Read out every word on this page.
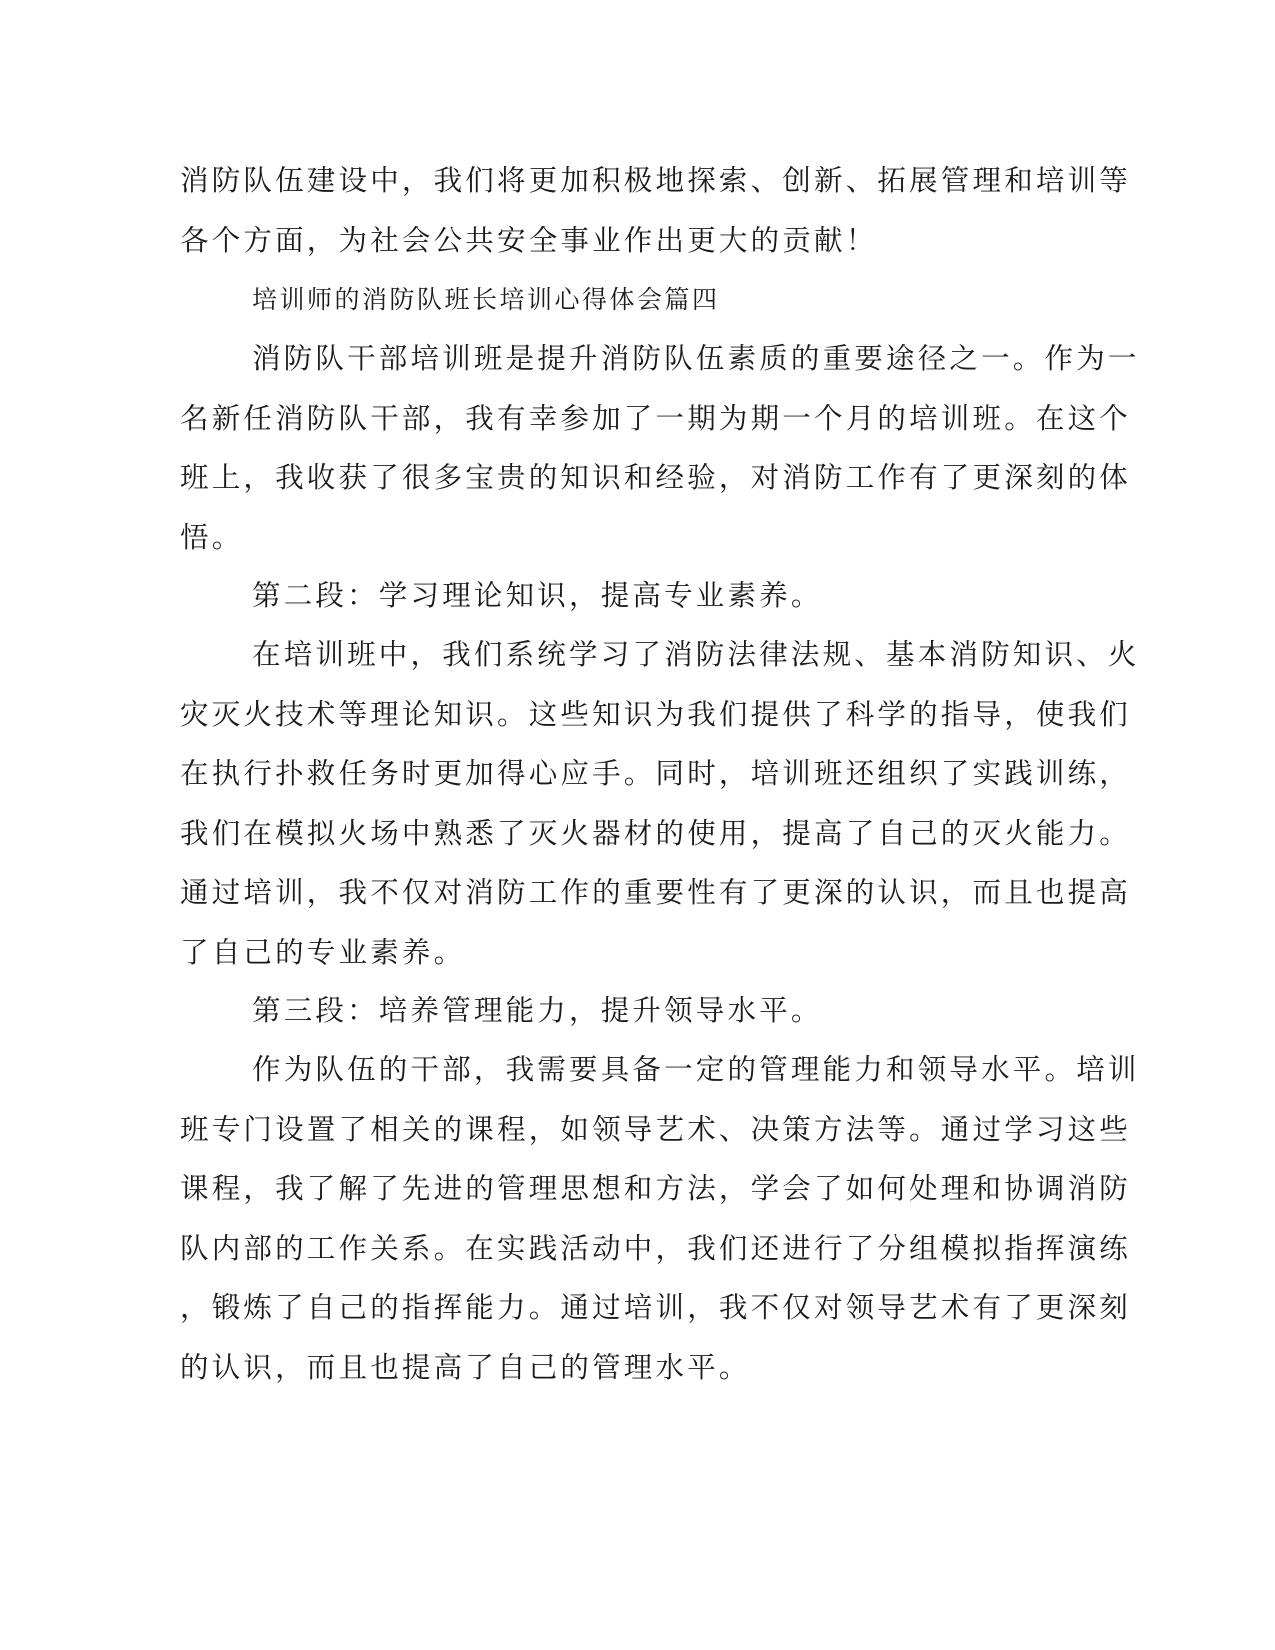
消防队伍建设中，我们将更加积极地探索、创新、拓展管理和培训等
各个方面，为社会公共安全事业作出更大的贡献！
培训师的消防队班长培训心得体会篇四
消防队干部培训班是提升消防队伍素质的重要途径之一。作为一
名新任消防队干部，我有幸参加了一期为期一个月的培训班。在这个
班上，我收获了很多宝贵的知识和经验，对消防工作有了更深刻的体
悟。
第二段：学习理论知识，提高专业素养。
在培训班中，我们系统学习了消防法律法规、基本消防知识、火
灾灭火技术等理论知识。这些知识为我们提供了科学的指导，使我们
在执行扑救任务时更加得心应手。同时，培训班还组织了实践训练，
我们在模拟火场中熟悉了灭火器材的使用，提高了自己的灭火能力。
通过培训，我不仅对消防工作的重要性有了更深的认识，而且也提高
了自己的专业素养。
第三段：培养管理能力，提升领导水平。
作为队伍的干部，我需要具备一定的管理能力和领导水平。培训
班专门设置了相关的课程，如领导艺术、决策方法等。通过学习这些
课程，我了解了先进的管理思想和方法，学会了如何处理和协调消防
队内部的工作关系。在实践活动中，我们还进行了分组模拟指挥演练
，锻炼了自己的指挥能力。通过培训，我不仅对领导艺术有了更深刻
的认识，而且也提高了自己的管理水平。
